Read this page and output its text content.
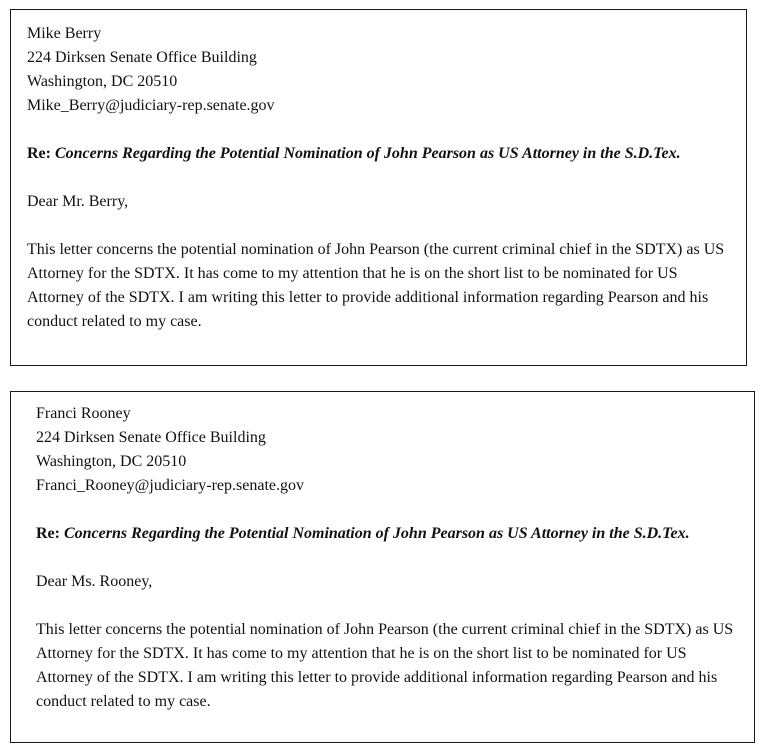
Mike Berry
224 Dirksen Senate Office Building
Washington, DC 20510
Mike_Berry@judiciary-rep.senate.gov
Re: Concerns Regarding the Potential Nomination of John Pearson as US Attorney in the S.D.Tex.
Dear Mr. Berry,
This letter concerns the potential nomination of John Pearson (the current criminal chief in the SDTX) as US Attorney for the SDTX. It has come to my attention that he is on the short list to be nominated for US Attorney of the SDTX. I am writing this letter to provide additional information regarding Pearson and his conduct related to my case.
Franci Rooney
224 Dirksen Senate Office Building
Washington, DC 20510
Franci_Rooney@judiciary-rep.senate.gov
Re: Concerns Regarding the Potential Nomination of John Pearson as US Attorney in the S.D.Tex.
Dear Ms. Rooney,
This letter concerns the potential nomination of John Pearson (the current criminal chief in the SDTX) as US Attorney for the SDTX. It has come to my attention that he is on the short list to be nominated for US Attorney of the SDTX. I am writing this letter to provide additional information regarding Pearson and his conduct related to my case.
